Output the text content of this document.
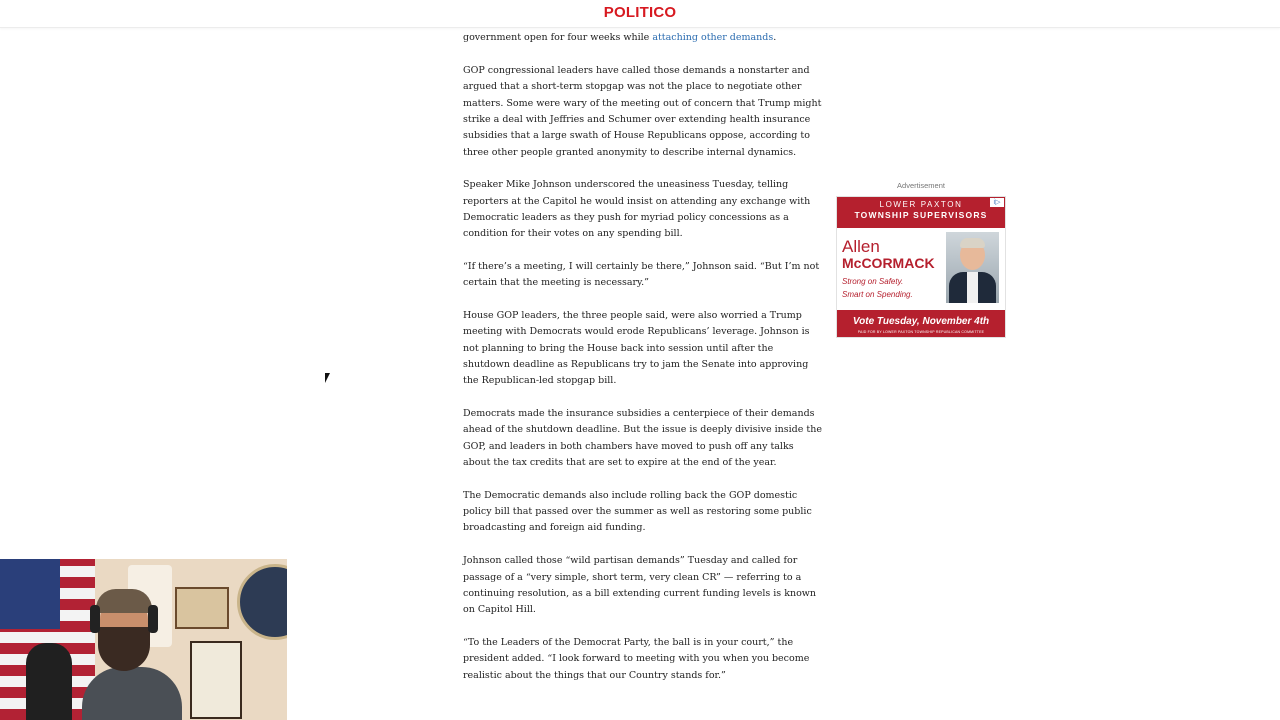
POLITICO

government open for four weeks while attaching other demands.

GOP congressional leaders have called those demands a nonstarter and argued that a short-term stopgap was not the place to negotiate other matters. Some were wary of the meeting out of concern that Trump might strike a deal with Jeffries and Schumer over extending health insurance subsidies that a large swath of House Republicans oppose, according to three other people granted anonymity to describe internal dynamics.

Speaker Mike Johnson underscored the uneasiness Tuesday, telling reporters at the Capitol he would insist on attending any exchange with Democratic leaders as they push for myriad policy concessions as a condition for their votes on any spending bill.

“If there’s a meeting, I will certainly be there,” Johnson said. “But I’m not certain that the meeting is necessary.”

House GOP leaders, the three people said, were also worried a Trump meeting with Democrats would erode Republicans’ leverage. Johnson is not planning to bring the House back into session until after the shutdown deadline as Republicans try to jam the Senate into approving the Republican-led stopgap bill.

Democrats made the insurance subsidies a centerpiece of their demands ahead of the shutdown deadline. But the issue is deeply divisive inside the GOP, and leaders in both chambers have moved to push off any talks about the tax credits that are set to expire at the end of the year.

The Democratic demands also include rolling back the GOP domestic policy bill that passed over the summer as well as restoring some public broadcasting and foreign aid funding.

Johnson called those “wild partisan demands” Tuesday and called for passage of a “very simple, short term, very clean CR” — referring to a continuing resolution, as a bill extending current funding levels is known on Capitol Hill.

“To the Leaders of the Democrat Party, the ball is in your court,” the president added. “I look forward to meeting with you when you become realistic about the things that our Country stands for.”

Advertisement
LOWER PAXTON
TOWNSHIP SUPERVISORS
i▷
Allen
McCORMACK
Strong on Safety.
Smart on Spending.
Vote Tuesday, November 4th
PAID FOR BY LOWER PAXTON TOWNSHIP REPUBLICAN COMMITTEE
